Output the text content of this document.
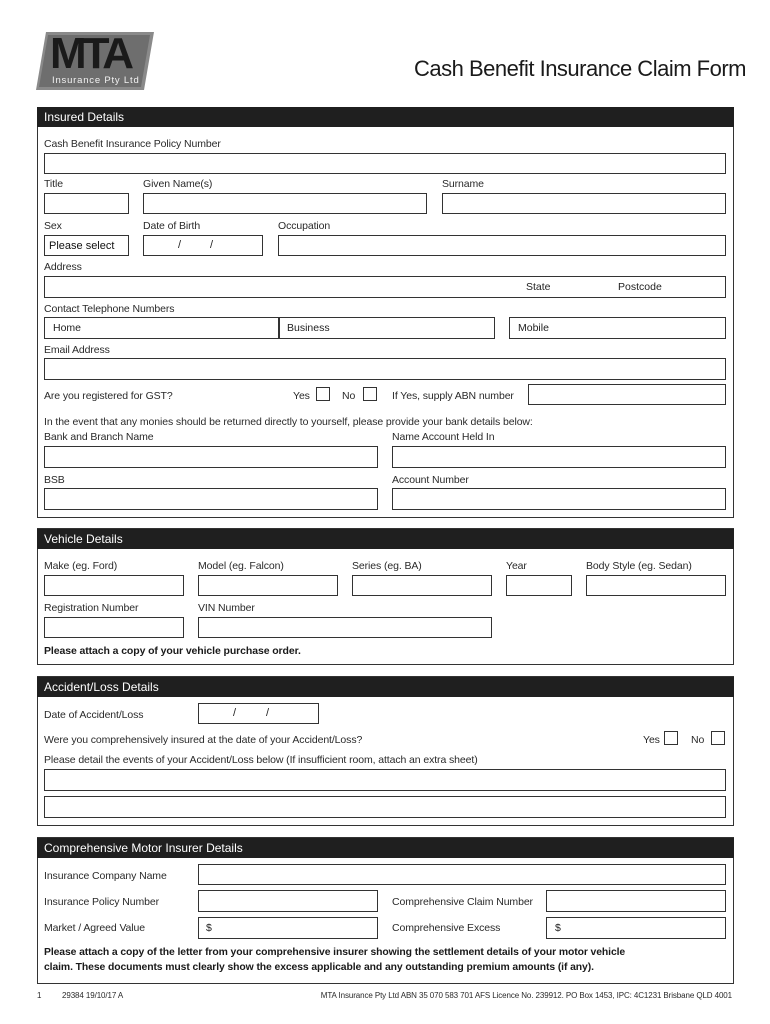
MTA
Insurance Pty Ltd	Cash Benefit Insurance Claim Form
Insured Details
Cash Benefit Insurance Policy Number
Title	Given Name(s)	Surname
Sex	Date of Birth	Occupation
Please select	/	/
Address
State	Postcode
Contact Telephone Numbers
Home	Business	Mobile
Email Address
Are you registered for GST?	Yes	No	If Yes, supply ABN number
In the event that any monies should be returned directly to yourself, please provide your bank details below:
Bank and Branch Name	Name Account Held In
BSB	Account Number
Vehicle Details
Make (eg. Ford)	Model (eg. Falcon)	Series (eg. BA)	Year	Body Style (eg. Sedan)
Registration Number	VIN Number
Please attach a copy of your vehicle purchase order.
Accident/Loss Details
Date of Accident/Loss	/	/
Were you comprehensively insured at the date of your Accident/Loss?	Yes	No
Please detail the events of your Accident/Loss below (If insufficient room, attach an extra sheet)
Comprehensive Motor Insurer Details
Insurance Company Name
Insurance Policy Number	Comprehensive Claim Number
Market / Agreed Value	$	Comprehensive Excess	$
Please attach a copy of the letter from your comprehensive insurer showing the settlement details of your motor vehicle
claim. These documents must clearly show the excess applicable and any outstanding premium amounts (if any).
1	29384 19/10/17 A	MTA Insurance Pty Ltd ABN 35 070 583 701 AFS Licence No. 239912. PO Box 1453, IPC: 4C1231 Brisbane QLD 4001
